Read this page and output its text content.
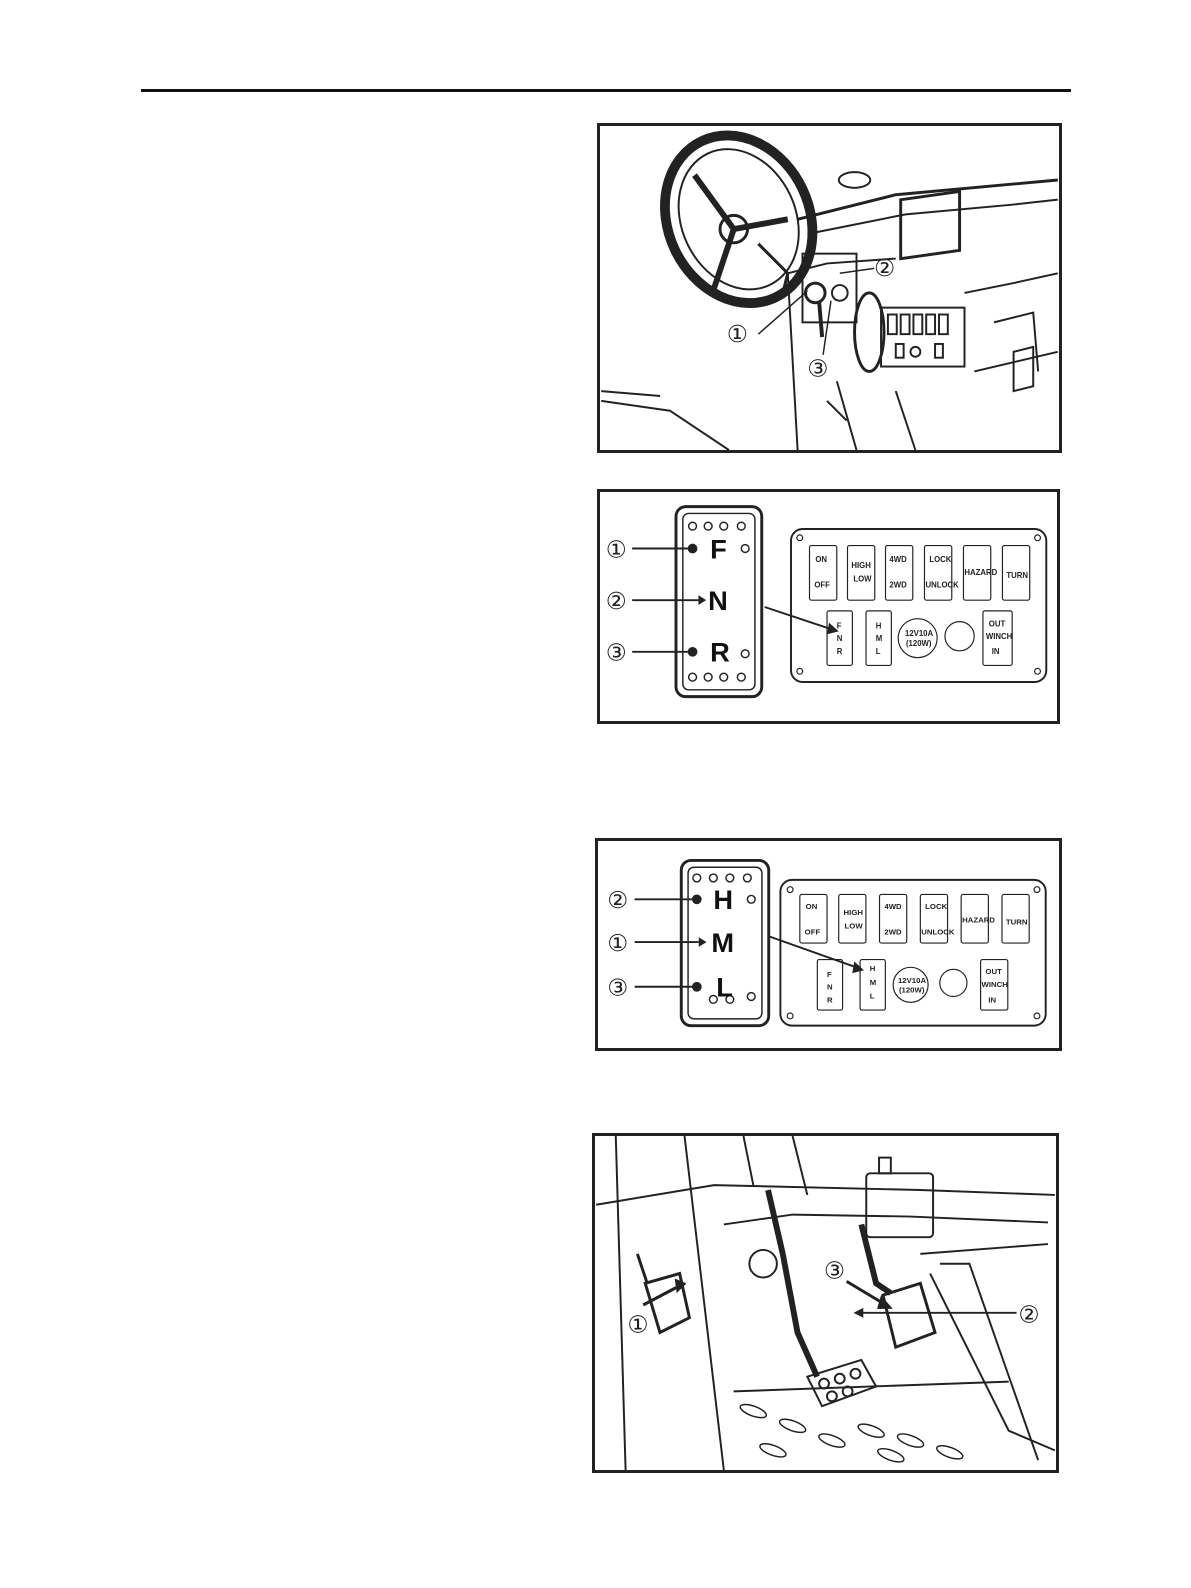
①
②
③
①
②
③
F
N
R
ON
OFF
HIGH
LOW
4WD
2WD
LOCK
UNLOCK
HAZARD TURN
F
N
R
H
M
L
12V10A
(120W)
OUT
WINCH
IN
②
①
③
H
M
L
ON
OFF
HIGH
LOW
4WD
2WD
LOCK
UNLOCK
HAZARD TURN
F
N
R
H
M
L
12V10A
(120W)
OUT
WINCH
IN
①
③
②
